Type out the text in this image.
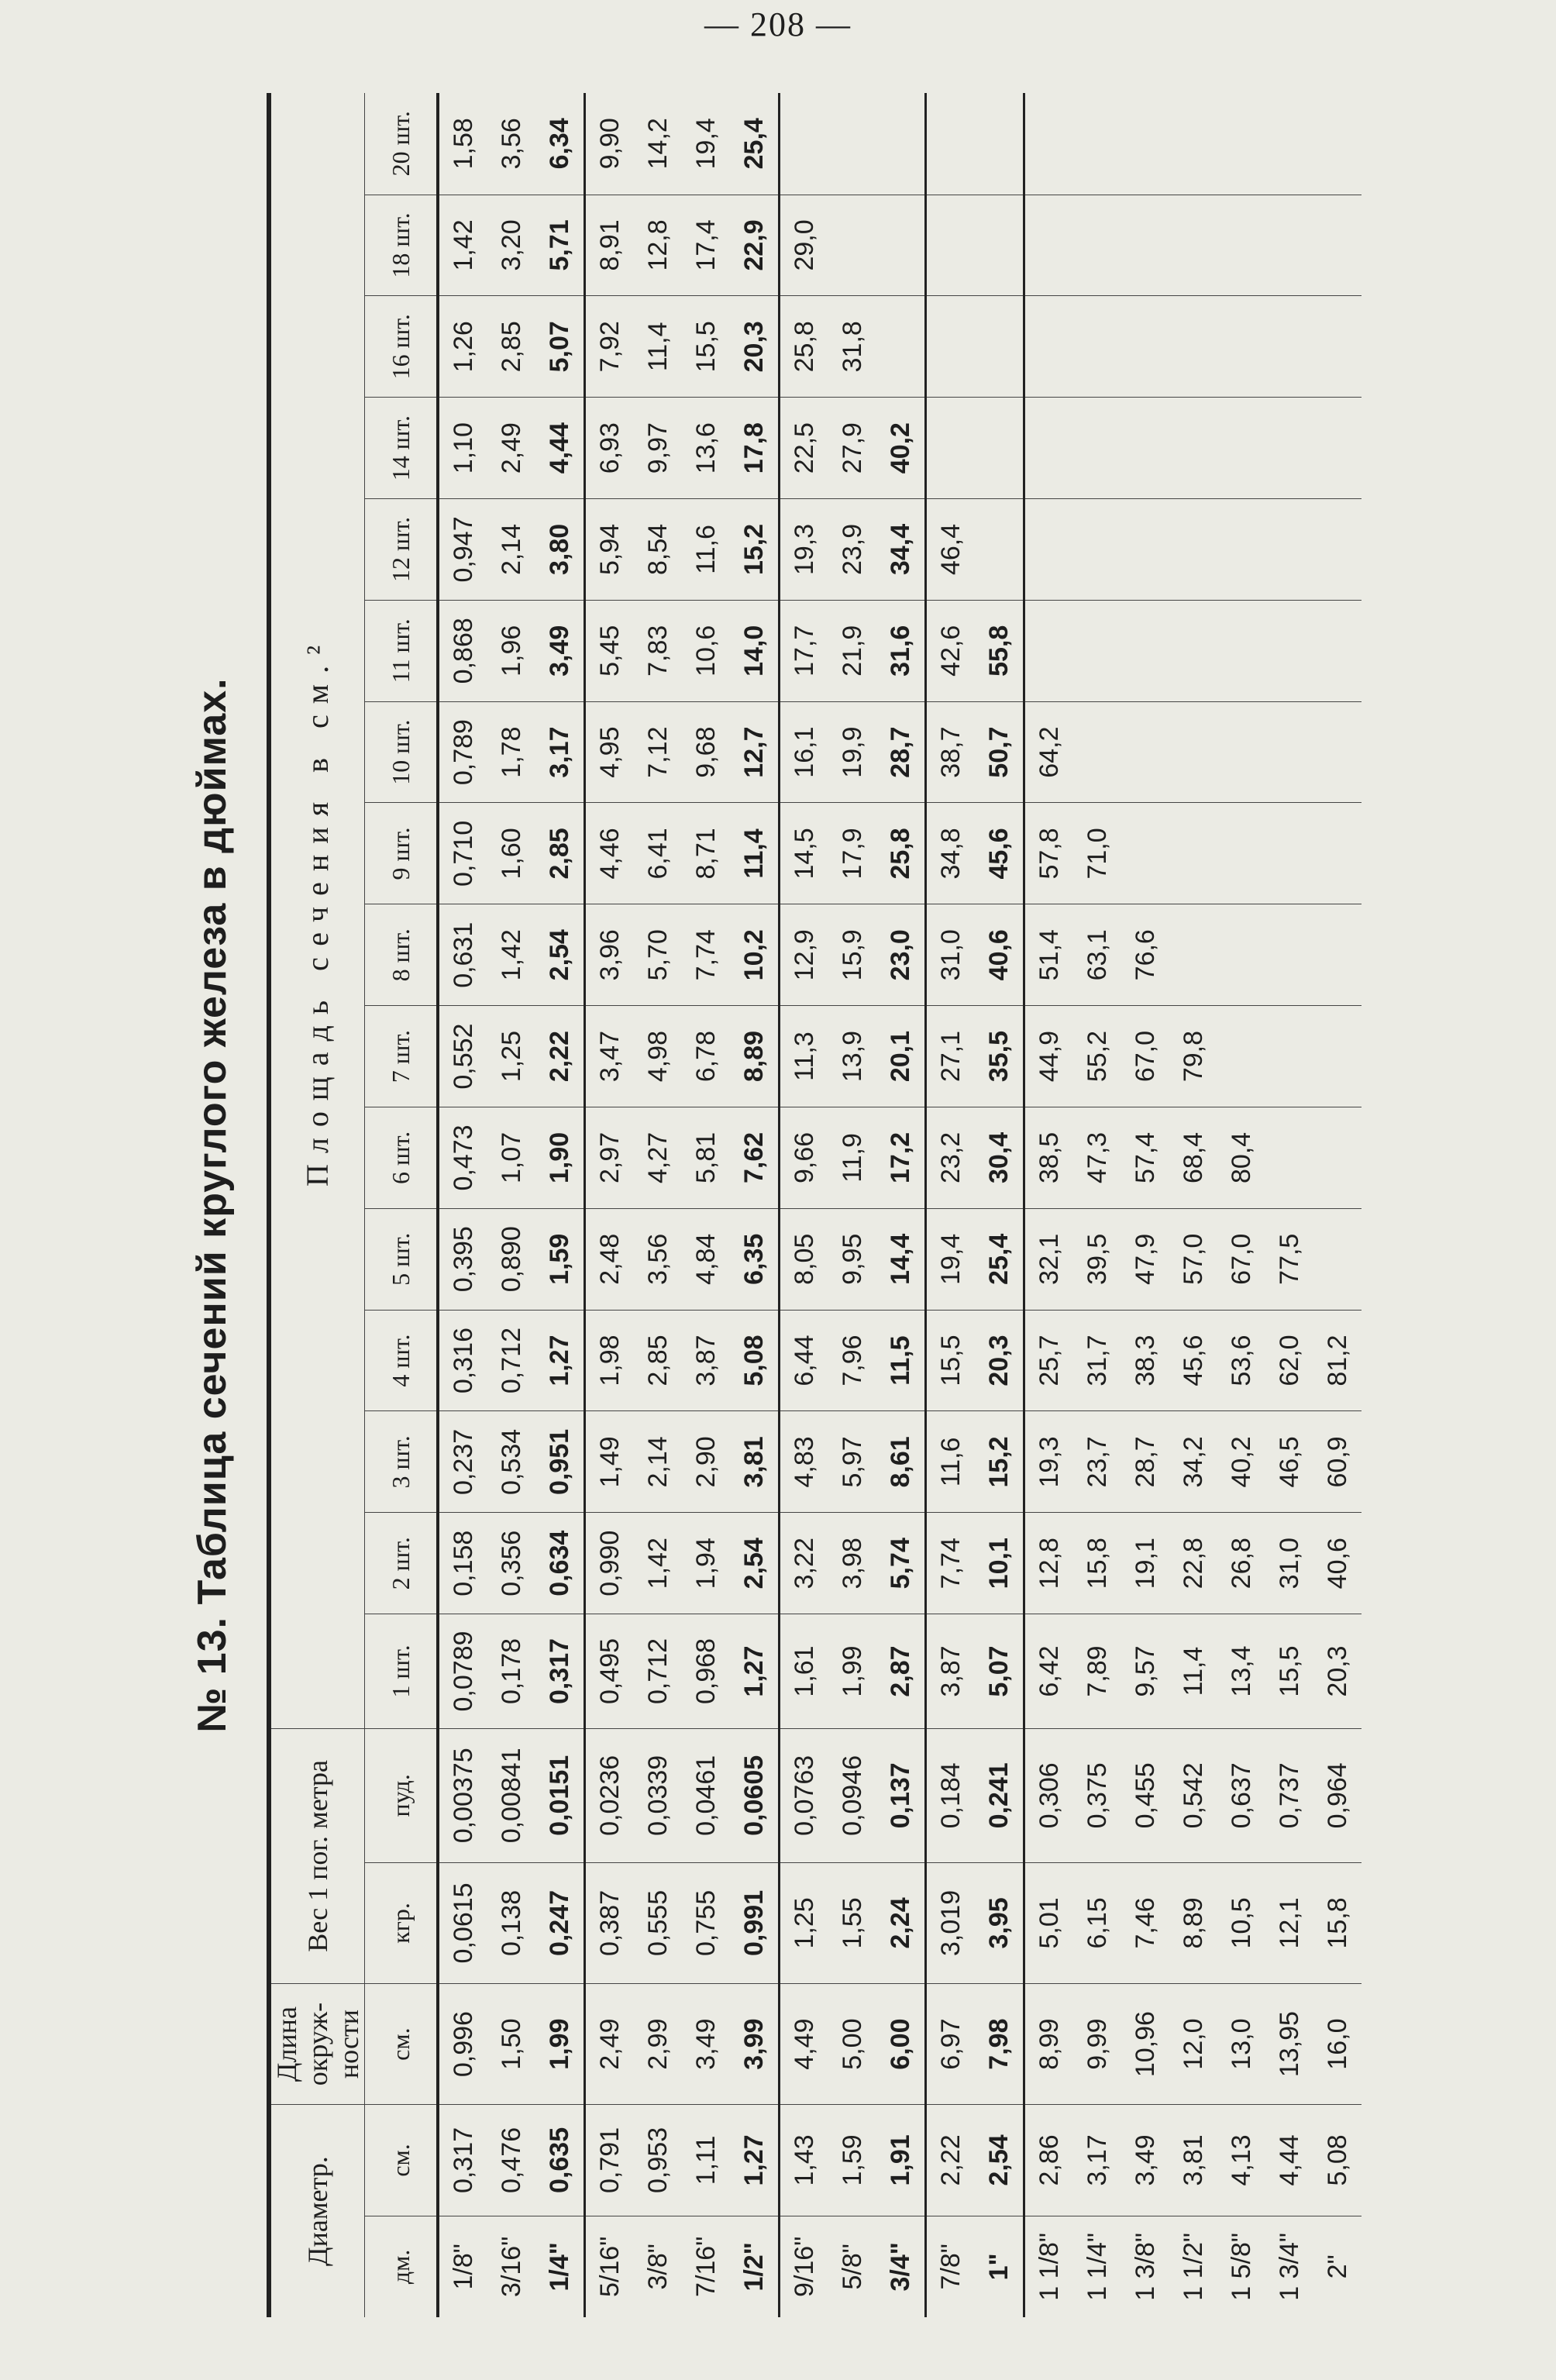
— 208 —
№ 13. Таблица сечений круглого железа в дюймах.
Диаметр.		Длина окруж-ности	Вес 1 пог. метра		Площадь сечения в см.²															
дм.	см.	см.	кгр.	пуд.	1 шт.	2 шт.	3 шт.	4 шт.	5 шт.	6 шт.	7 шт.	8 шт.	9 шт.	10 шт.	11 шт.	12 шт.	14 шт.	16 шт.	18 шт.	20 шт.
1/8"	0,317	0,996	0,0615	0,00375	0,0789	0,158	0,237	0,316	0,395	0,473	0,552	0,631	0,710	0,789	0,868	0,947	1,10	1,26	1,42	1,58
3/16"	0,476	1,50	0,138	0,00841	0,178	0,356	0,534	0,712	0,890	1,07	1,25	1,42	1,60	1,78	1,96	2,14	2,49	2,85	3,20	3,56
1/4"	0,635	1,99	0,247	0,0151	0,317	0,634	0,951	1,27	1,59	1,90	2,22	2,54	2,85	3,17	3,49	3,80	4,44	5,07	5,71	6,34
5/16"	0,791	2,49	0,387	0,0236	0,495	0,990	1,49	1,98	2,48	2,97	3,47	3,96	4,46	4,95	5,45	5,94	6,93	7,92	8,91	9,90
3/8"	0,953	2,99	0,555	0,0339	0,712	1,42	2,14	2,85	3,56	4,27	4,98	5,70	6,41	7,12	7,83	8,54	9,97	11,4	12,8	14,2
7/16"	1,11	3,49	0,755	0,0461	0,968	1,94	2,90	3,87	4,84	5,81	6,78	7,74	8,71	9,68	10,6	11,6	13,6	15,5	17,4	19,4
1/2"	1,27	3,99	0,991	0,0605	1,27	2,54	3,81	5,08	6,35	7,62	8,89	10,2	11,4	12,7	14,0	15,2	17,8	20,3	22,9	25,4
9/16"	1,43	4,49	1,25	0,0763	1,61	3,22	4,83	6,44	8,05	9,66	11,3	12,9	14,5	16,1	17,7	19,3	22,5	25,8	29,0	
5/8"	1,59	5,00	1,55	0,0946	1,99	3,98	5,97	7,96	9,95	11,9	13,9	15,9	17,9	19,9	21,9	23,9	27,9	31,8		
3/4"	1,91	6,00	2,24	0,137	2,87	5,74	8,61	11,5	14,4	17,2	20,1	23,0	25,8	28,7	31,6	34,4	40,2			
7/8"	2,22	6,97	3,019	0,184	3,87	7,74	11,6	15,5	19,4	23,2	27,1	31,0	34,8	38,7	42,6	46,4				
1"	2,54	7,98	3,95	0,241	5,07	10,1	15,2	20,3	25,4	30,4	35,5	40,6	45,6	50,7	55,8					
1 1/8"	2,86	8,99	5,01	0,306	6,42	12,8	19,3	25,7	32,1	38,5	44,9	51,4	57,8	64,2						
1 1/4"	3,17	9,99	6,15	0,375	7,89	15,8	23,7	31,7	39,5	47,3	55,2	63,1	71,0							
1 3/8"	3,49	10,96	7,46	0,455	9,57	19,1	28,7	38,3	47,9	57,4	67,0	76,6								
1 1/2"	3,81	12,0	8,89	0,542	11,4	22,8	34,2	45,6	57,0	68,4	79,8									
1 5/8"	4,13	13,0	10,5	0,637	13,4	26,8	40,2	53,6	67,0	80,4										
1 3/4"	4,44	13,95	12,1	0,737	15,5	31,0	46,5	62,0	77,5											
2"	5,08	16,0	15,8	0,964	20,3	40,6	60,9	81,2												
